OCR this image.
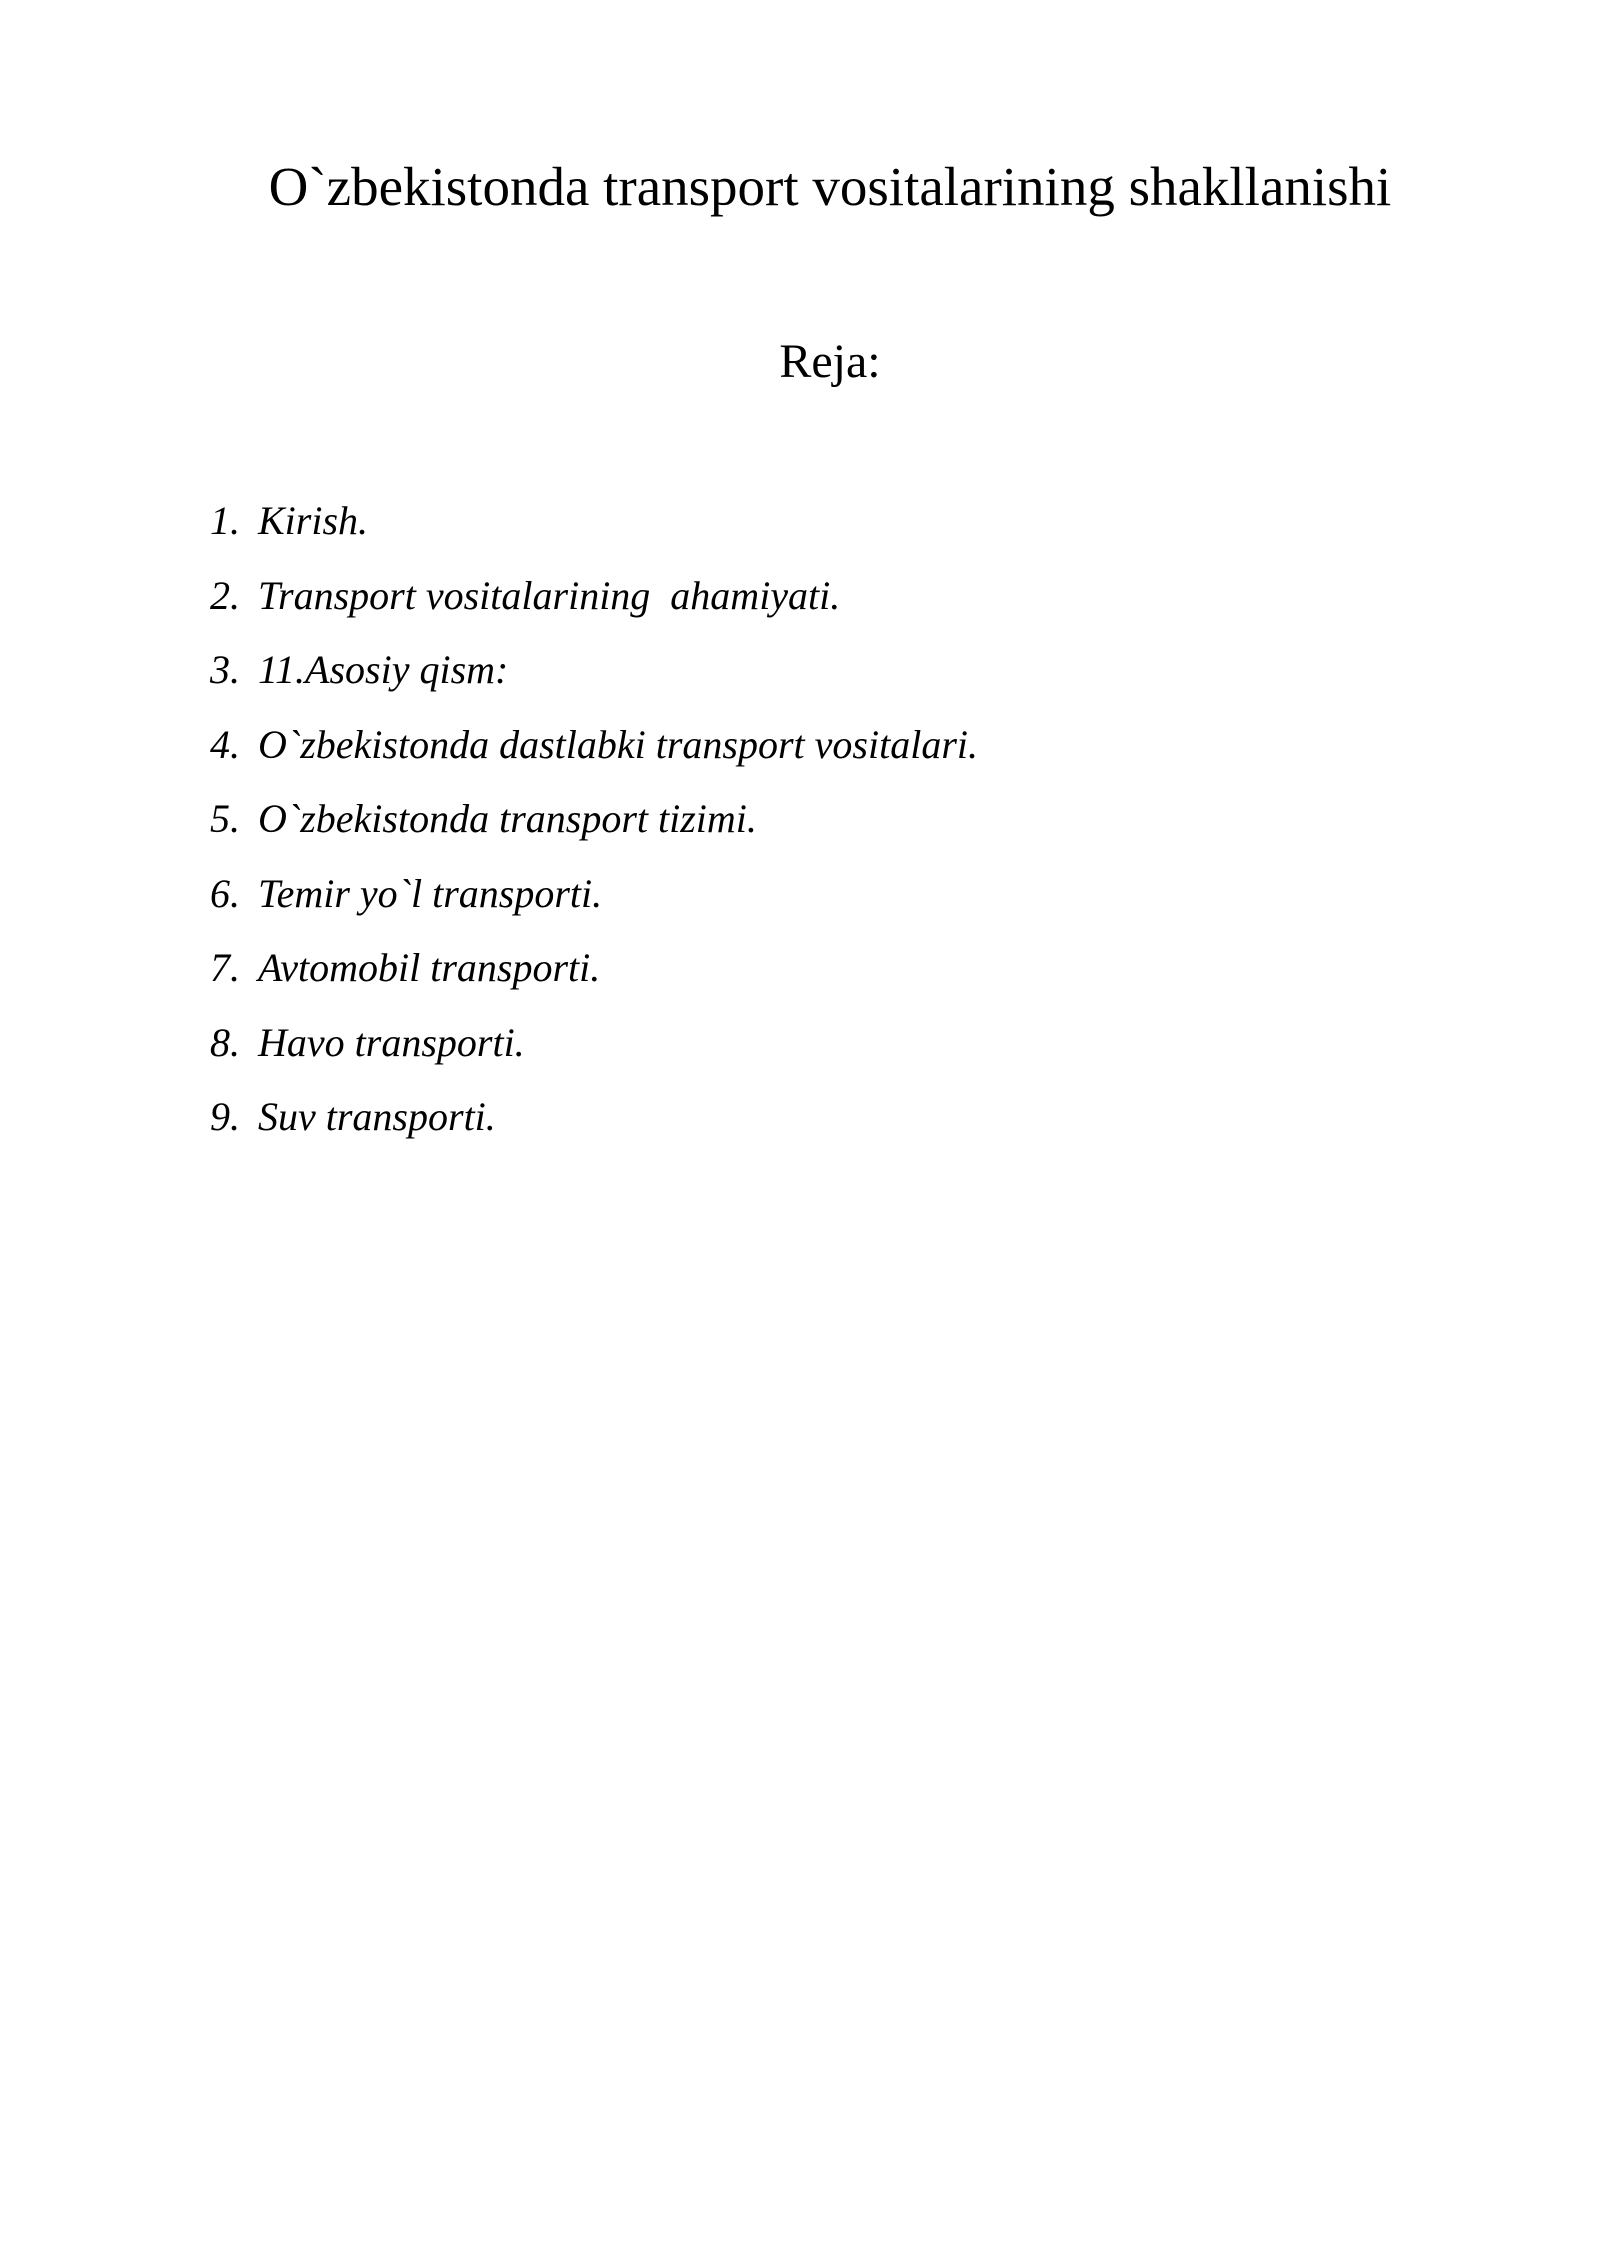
O`zbekistonda transport vositalarining shakllanishi
Reja:
1. Kirish.
2. Transport vositalarining  ahamiyati.
3. 11.Asosiy qism:
4. O`zbekistonda dastlabki transport vositalari.
5. O`zbekistonda transport tizimi.
6. Temir yo`l transporti.
7. Avtomobil transporti.
8. Havo transporti.
9. Suv transporti.
